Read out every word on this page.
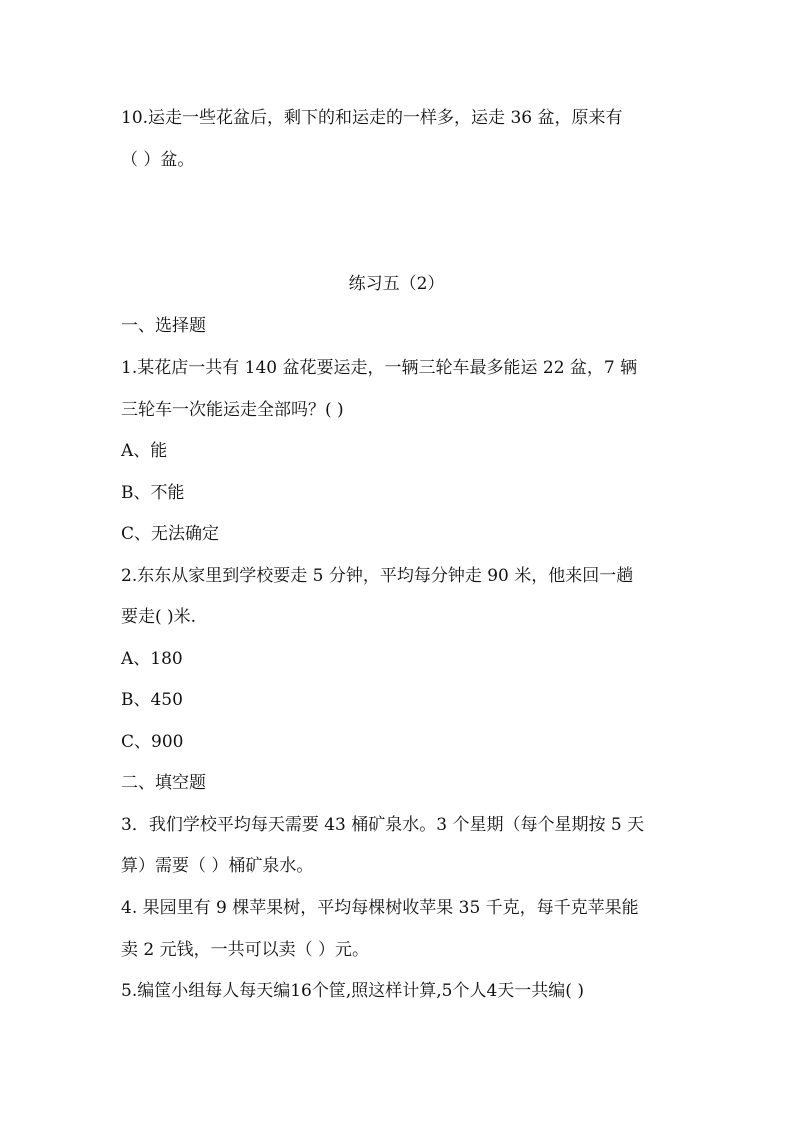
10.运走一些花盆后，剩下的和运走的一样多，运走 36 盆，原来有
（ ）盆。
练习五（2）
一、选择题
1.某花店一共有 140 盆花要运走，一辆三轮车最多能运 22 盆，7 辆
三轮车一次能运走全部吗？( )
A、能
B、不能
C、无法确定
2.东东从家里到学校要走 5 分钟，平均每分钟走 90 米，他来回一趟
要走( )米.
A、180
B、450
C、900
二、填空题
3．我们学校平均每天需要 43 桶矿泉水。3 个星期（每个星期按 5 天
算）需要（ ）桶矿泉水。
4. 果园里有 9 棵苹果树，平均每棵树收苹果 35 千克，每千克苹果能
卖 2 元钱，一共可以卖（ ）元。
5.编筐小组每人每天编16个筐,照这样计算,5个人4天一共编( )
